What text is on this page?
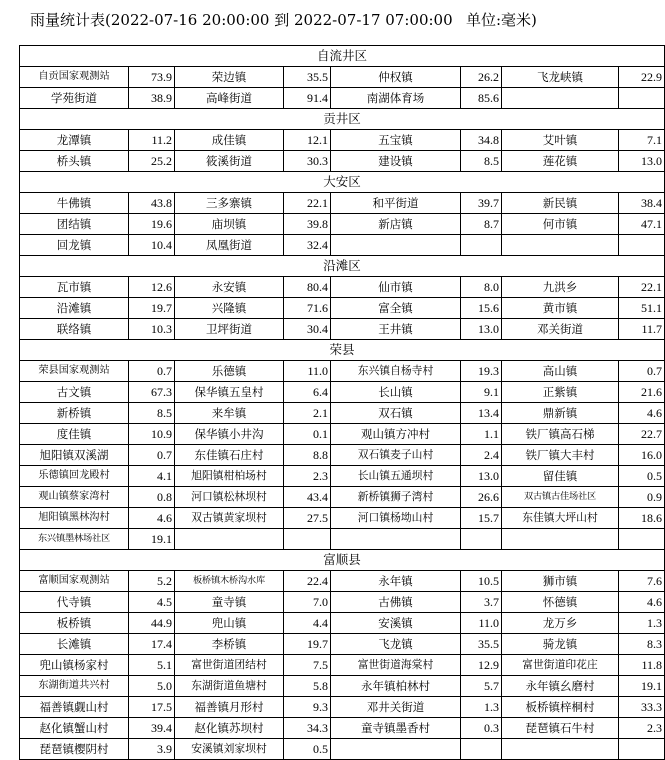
雨量统计表(2022-07-16 20:00:00 到 2022-07-17 07:00:00 单位:毫米)
自流井区							
自贡国家观测站	73.9	荣边镇	35.5	仲权镇	26.2	飞龙峡镇	22.9
学苑街道	38.9	高峰街道	91.4	南湖体育场	85.6		
贡井区							
龙潭镇	11.2	成佳镇	12.1	五宝镇	34.8	艾叶镇	7.1
桥头镇	25.2	筱溪街道	30.3	建设镇	8.5	莲花镇	13.0
大安区							
牛佛镇	43.8	三多寨镇	22.1	和平街道	39.7	新民镇	38.4
团结镇	19.6	庙坝镇	39.8	新店镇	8.7	何市镇	47.1
回龙镇	10.4	凤凰街道	32.4				
沿滩区							
瓦市镇	12.6	永安镇	80.4	仙市镇	8.0	九洪乡	22.1
沿滩镇	19.7	兴隆镇	71.6	富全镇	15.6	黄市镇	51.1
联络镇	10.3	卫坪街道	30.4	王井镇	13.0	邓关街道	11.7
荣县							
荣县国家观测站	0.7	乐德镇	11.0	东兴镇自杨寺村	19.3	高山镇	0.7
古文镇	67.3	保华镇五皇村	6.4	长山镇	9.1	正紫镇	21.6
新桥镇	8.5	来牟镇	2.1	双石镇	13.4	鼎新镇	4.6
度佳镇	10.9	保华镇小井沟	0.1	观山镇方冲村	1.1	铁厂镇高石梯	22.7
旭阳镇双溪湖	0.7	东佳镇石庄村	8.8	双石镇麦子山村	2.4	铁厂镇大丰村	16.0
乐德镇回龙殿村	4.1	旭阳镇柑柏场村	2.3	长山镇五通坝村	13.0	留佳镇	0.5
观山镇蔡家湾村	0.8	河口镇松林坝村	43.4	新桥镇狮子湾村	26.6	双古镇古佳场社区	0.9
旭阳镇黑林沟村	4.6	双古镇黄家坝村	27.5	河口镇杨坳山村	15.7	东佳镇大坪山村	18.6
东兴镇墨林场社区	19.1						
富顺县							
富顺国家观测站	5.2	板桥镇木桥沟水库	22.4	永年镇	10.5	狮市镇	7.6
代寺镇	4.5	童寺镇	7.0	古佛镇	3.7	怀德镇	4.6
板桥镇	44.9	兜山镇	4.4	安溪镇	11.0	龙万乡	1.3
长滩镇	17.4	李桥镇	19.7	飞龙镇	35.5	骑龙镇	8.3
兜山镇杨家村	5.1	富世街道团结村	7.5	富世街道海棠村	12.9	富世街道印花庄	11.8
东湖街道共兴村	5.0	东湖街道鱼塘村	5.8	永年镇柏林村	5.7	永年镇幺磨村	19.1
福善镇觑山村	17.5	福善镇月形村	9.3	邓井关街道	1.3	板桥镇梓桐村	33.3
赵化镇蟹山村	39.4	赵化镇苏坝村	34.3	童寺镇墨香村	0.3	琵琶镇石牛村	2.3
琵琶镇樱阴村	3.9	安溪镇刘家坝村	0.5				
